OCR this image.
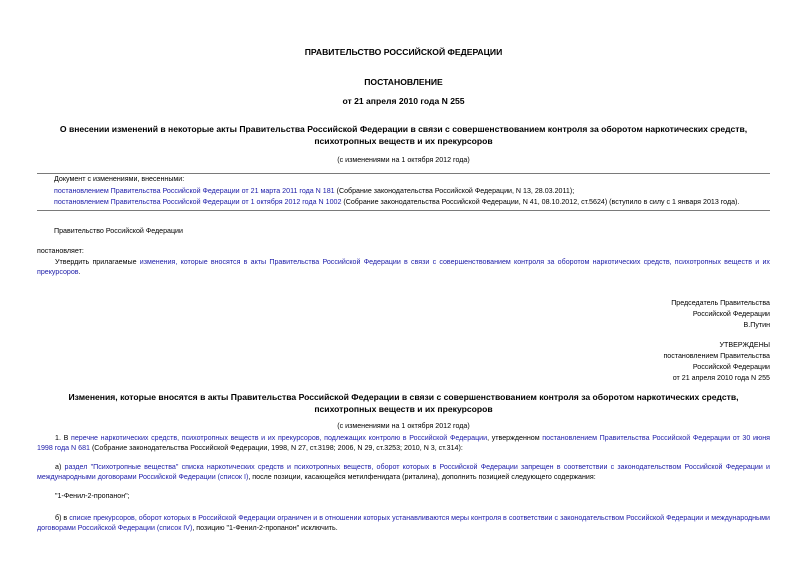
ПРАВИТЕЛЬСТВО РОССИЙСКОЙ ФЕДЕРАЦИИ
ПОСТАНОВЛЕНИЕ
от 21 апреля 2010 года N 255
О внесении изменений в некоторые акты Правительства Российской Федерации в связи с совершенствованием контроля за оборотом наркотических средств,
психотропных веществ и их прекурсоров
(с изменениями на 1 октября 2012 года)
Документ с изменениями, внесенными:
постановлением Правительства Российской Федерации от 21 марта 2011 года N 181 (Собрание законодательства Российской Федерации, N 13, 28.03.2011);
постановлением Правительства Российской Федерации от 1 октября 2012 года N 1002 (Собрание законодательства Российской Федерации, N 41, 08.10.2012, ст.5624) (вступило в силу с 1 января 2013 года).
Правительство Российской Федерации
постановляет:
Утвердить прилагаемые изменения, которые вносятся в акты Правительства Российской Федерации в связи с совершенствованием контроля за оборотом наркотических средств, психотропных веществ и их прекурсоров.
Председатель Правительства
Российской Федерации
В.Путин
УТВЕРЖДЕНЫ
постановлением Правительства
Российской Федерации
от 21 апреля 2010 года N 255
Изменения, которые вносятся в акты Правительства Российской Федерации в связи с совершенствованием контроля за оборотом наркотических средств,
психотропных веществ и их прекурсоров
(с изменениями на 1 октября 2012 года)
1. В перечне наркотических средств, психотропных веществ и их прекурсоров, подлежащих контролю в Российской Федерации, утвержденном постановлением Правительства Российской Федерации от 30 июня 1998 года N 681 (Собрание законодательства Российской Федерации, 1998, N 27, ст.3198; 2006, N 29, ст.3253; 2010, N 3, ст.314):
а) раздел "Психотропные вещества" списка наркотических средств и психотропных веществ, оборот которых в Российской Федерации запрещен в соответствии с законодательством Российской Федерации и международными договорами Российской Федерации (список I), после позиции, касающейся метилфенидата (риталина), дополнить позицией следующего содержания:
"1-Фенил-2-пропанон";
б) в списке прекурсоров, оборот которых в Российской Федерации ограничен и в отношении которых устанавливаются меры контроля в соответствии с законодательством Российской Федерации и международными договорами Российской Федерации (список IV), позицию "1-Фенил-2-пропанон" исключить.
